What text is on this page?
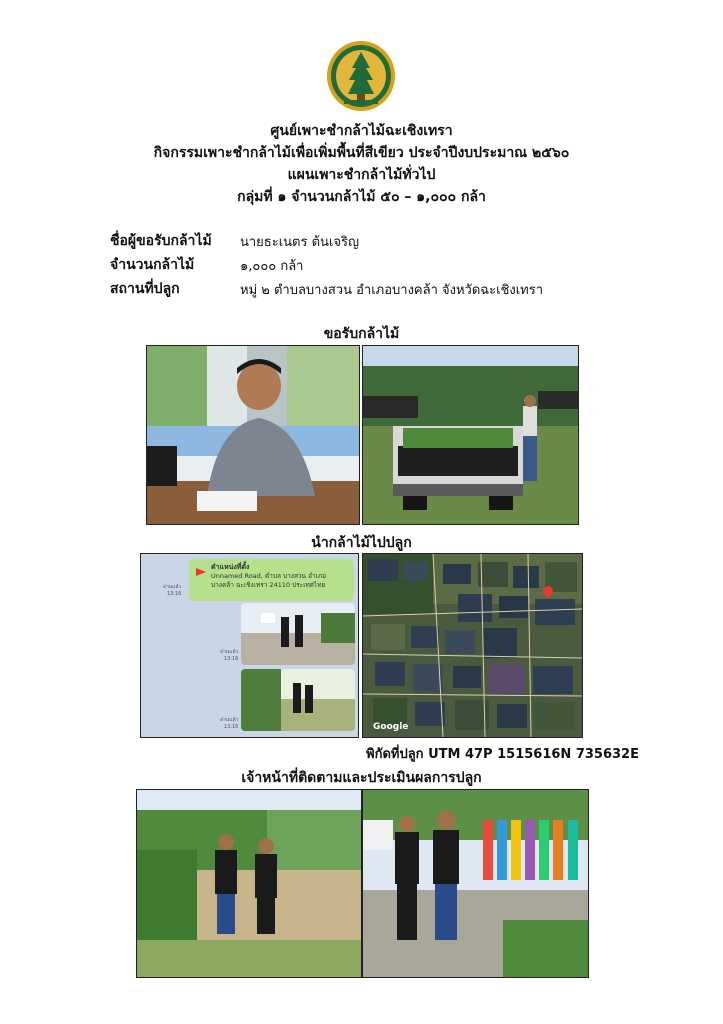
ศูนย์เพาะชำกล้าไม้ฉะเชิงเทรา
กิจกรรมเพาะชำกล้าไม้เพื่อเพิ่มพื้นที่สีเขียว ประจำปีงบประมาณ ๒๕๖๐
แผนเพาะชำกล้าไม้ทั่วไป
กลุ่มที่ ๑ จำนวนกล้าไม้ ๕๐ – ๑,๐๐๐ กล้า
ชื่อผู้ขอรับกล้าไม้ นายธะเนตร ต้นเจริญ
จำนวนกล้าไม้	๑,๐๐๐ กล้า
สถานที่ปลูก	หมู่ ๒ ตำบลบางสวน อำเภอบางคล้า จังหวัดฉะเชิงเทรา
ขอรับกล้าไม้
นำกล้าไม้ไปปลูก
ตำแหน่งที่ตั้ง
Unnamed Road, ตำบล บางสวน อำเภอ บางคล้า ฉะเชิงเทรา 24110 ประเทศไทย
อ่านแล้ว
13:16
อ่านแล้ว
13:16
อ่านแล้ว
13:16	Google
พิกัดที่ปลูก UTM 47P 1515616N 735632E
เจ้าหน้าที่ติดตามและประเมินผลการปลูก
